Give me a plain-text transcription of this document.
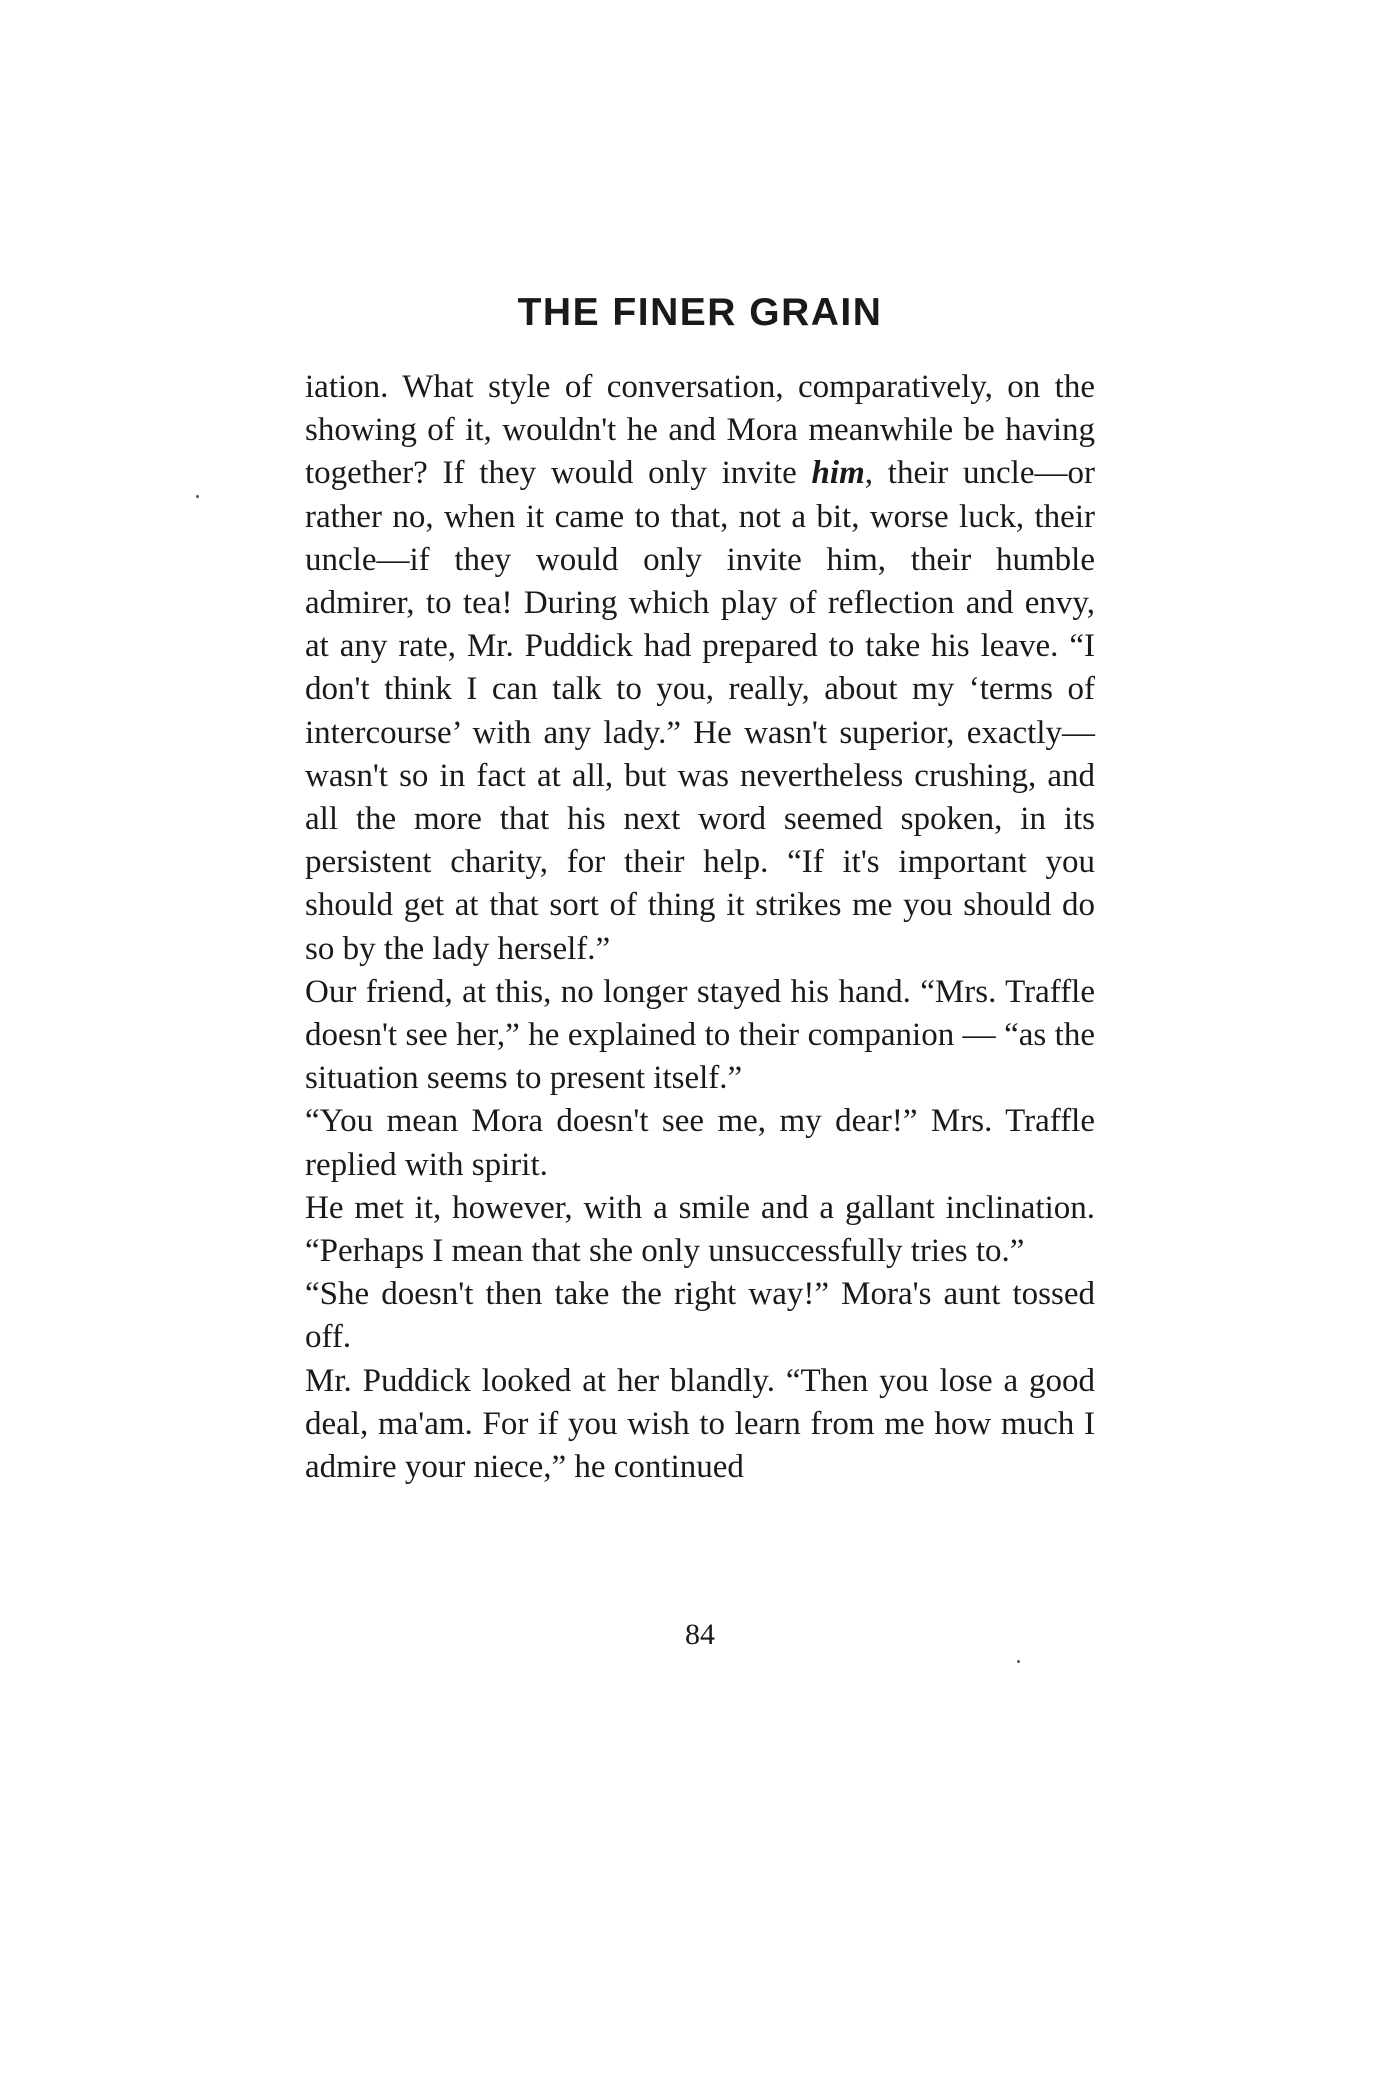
THE FINER GRAIN

iation. What style of conversation, comparatively, on the showing of it, wouldn't he and Mora meanwhile be having together? If they would only invite him, their uncle—or rather no, when it came to that, not a bit, worse luck, their uncle—if they would only invite him, their humble admirer, to tea! During which play of reflection and envy, at any rate, Mr. Puddick had prepared to take his leave. “I don't think I can talk to you, really, about my ‘terms of intercourse’ with any lady.” He wasn't superior, exactly—wasn't so in fact at all, but was nevertheless crushing, and all the more that his next word seemed spoken, in its persistent charity, for their help. “If it's important you should get at that sort of thing it strikes me you should do so by the lady herself.”

Our friend, at this, no longer stayed his hand. “Mrs. Traffle doesn't see her,” he explained to their companion — “as the situation seems to present itself.”

“You mean Mora doesn't see me, my dear!” Mrs. Traffle replied with spirit.

He met it, however, with a smile and a gallant inclination. “Perhaps I mean that she only unsuccessfully tries to.”

“She doesn't then take the right way!” Mora's aunt tossed off.

Mr. Puddick looked at her blandly. “Then you lose a good deal, ma'am. For if you wish to learn from me how much I admire your niece,” he continued

84
